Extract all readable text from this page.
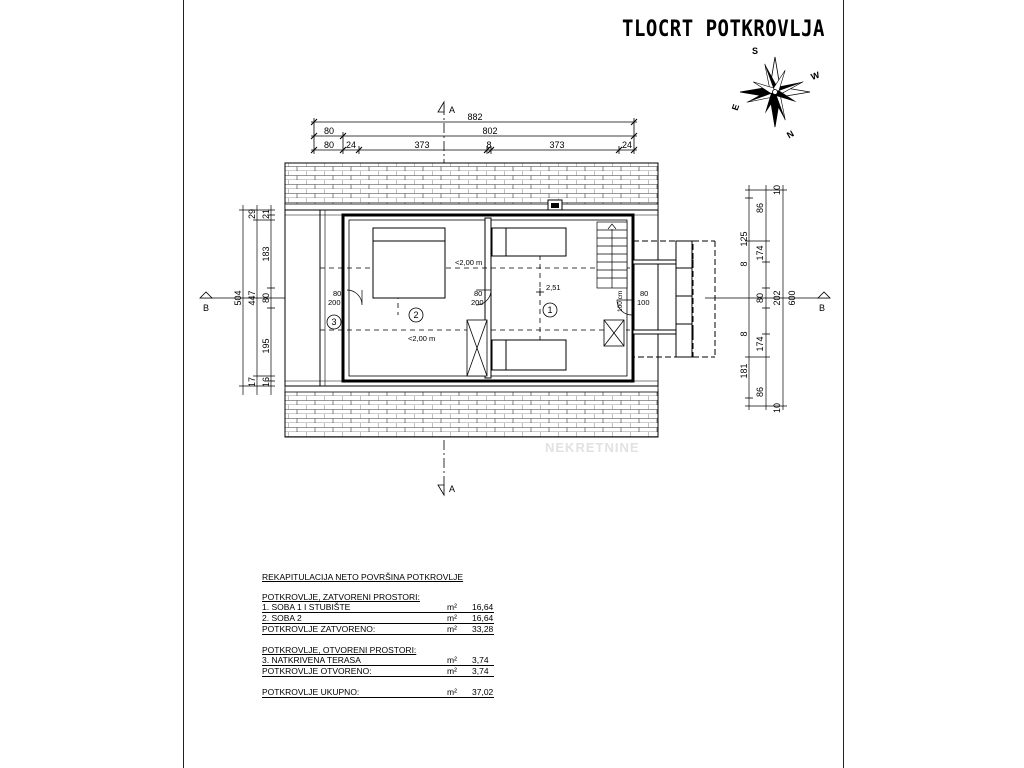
TLOCRT POTKROVLJA
S
W
E
N
882
802
80
80 24	373	8	373	24
A
A
B	B
504 447
183
80
195
29 21
17 16
600
202
80
125
174
174
181
86
86
8
8
10
10
1
2
3
<2,00 m
<2,00 m
2,51
80
200
80
200
80
100
100 cm
NEKRETNINE
REKAPITULACIJA NETO POVRŠINA POTKROVLJE
POTKROVLJE, ZATVORENI PROSTORI:
1. SOBA 1 I STUBIŠTE	m² 16,64
2. SOBA 2	m² 16,64
POTKROVLJE ZATVORENO:	m² 33,28
POTKROVLJE, OTVORENI PROSTORI:
3. NATKRIVENA TERASA	m² 3,74
POTKROVLJE OTVORENO:	m² 3,74
POTKROVLJE UKUPNO:	m² 37,02
